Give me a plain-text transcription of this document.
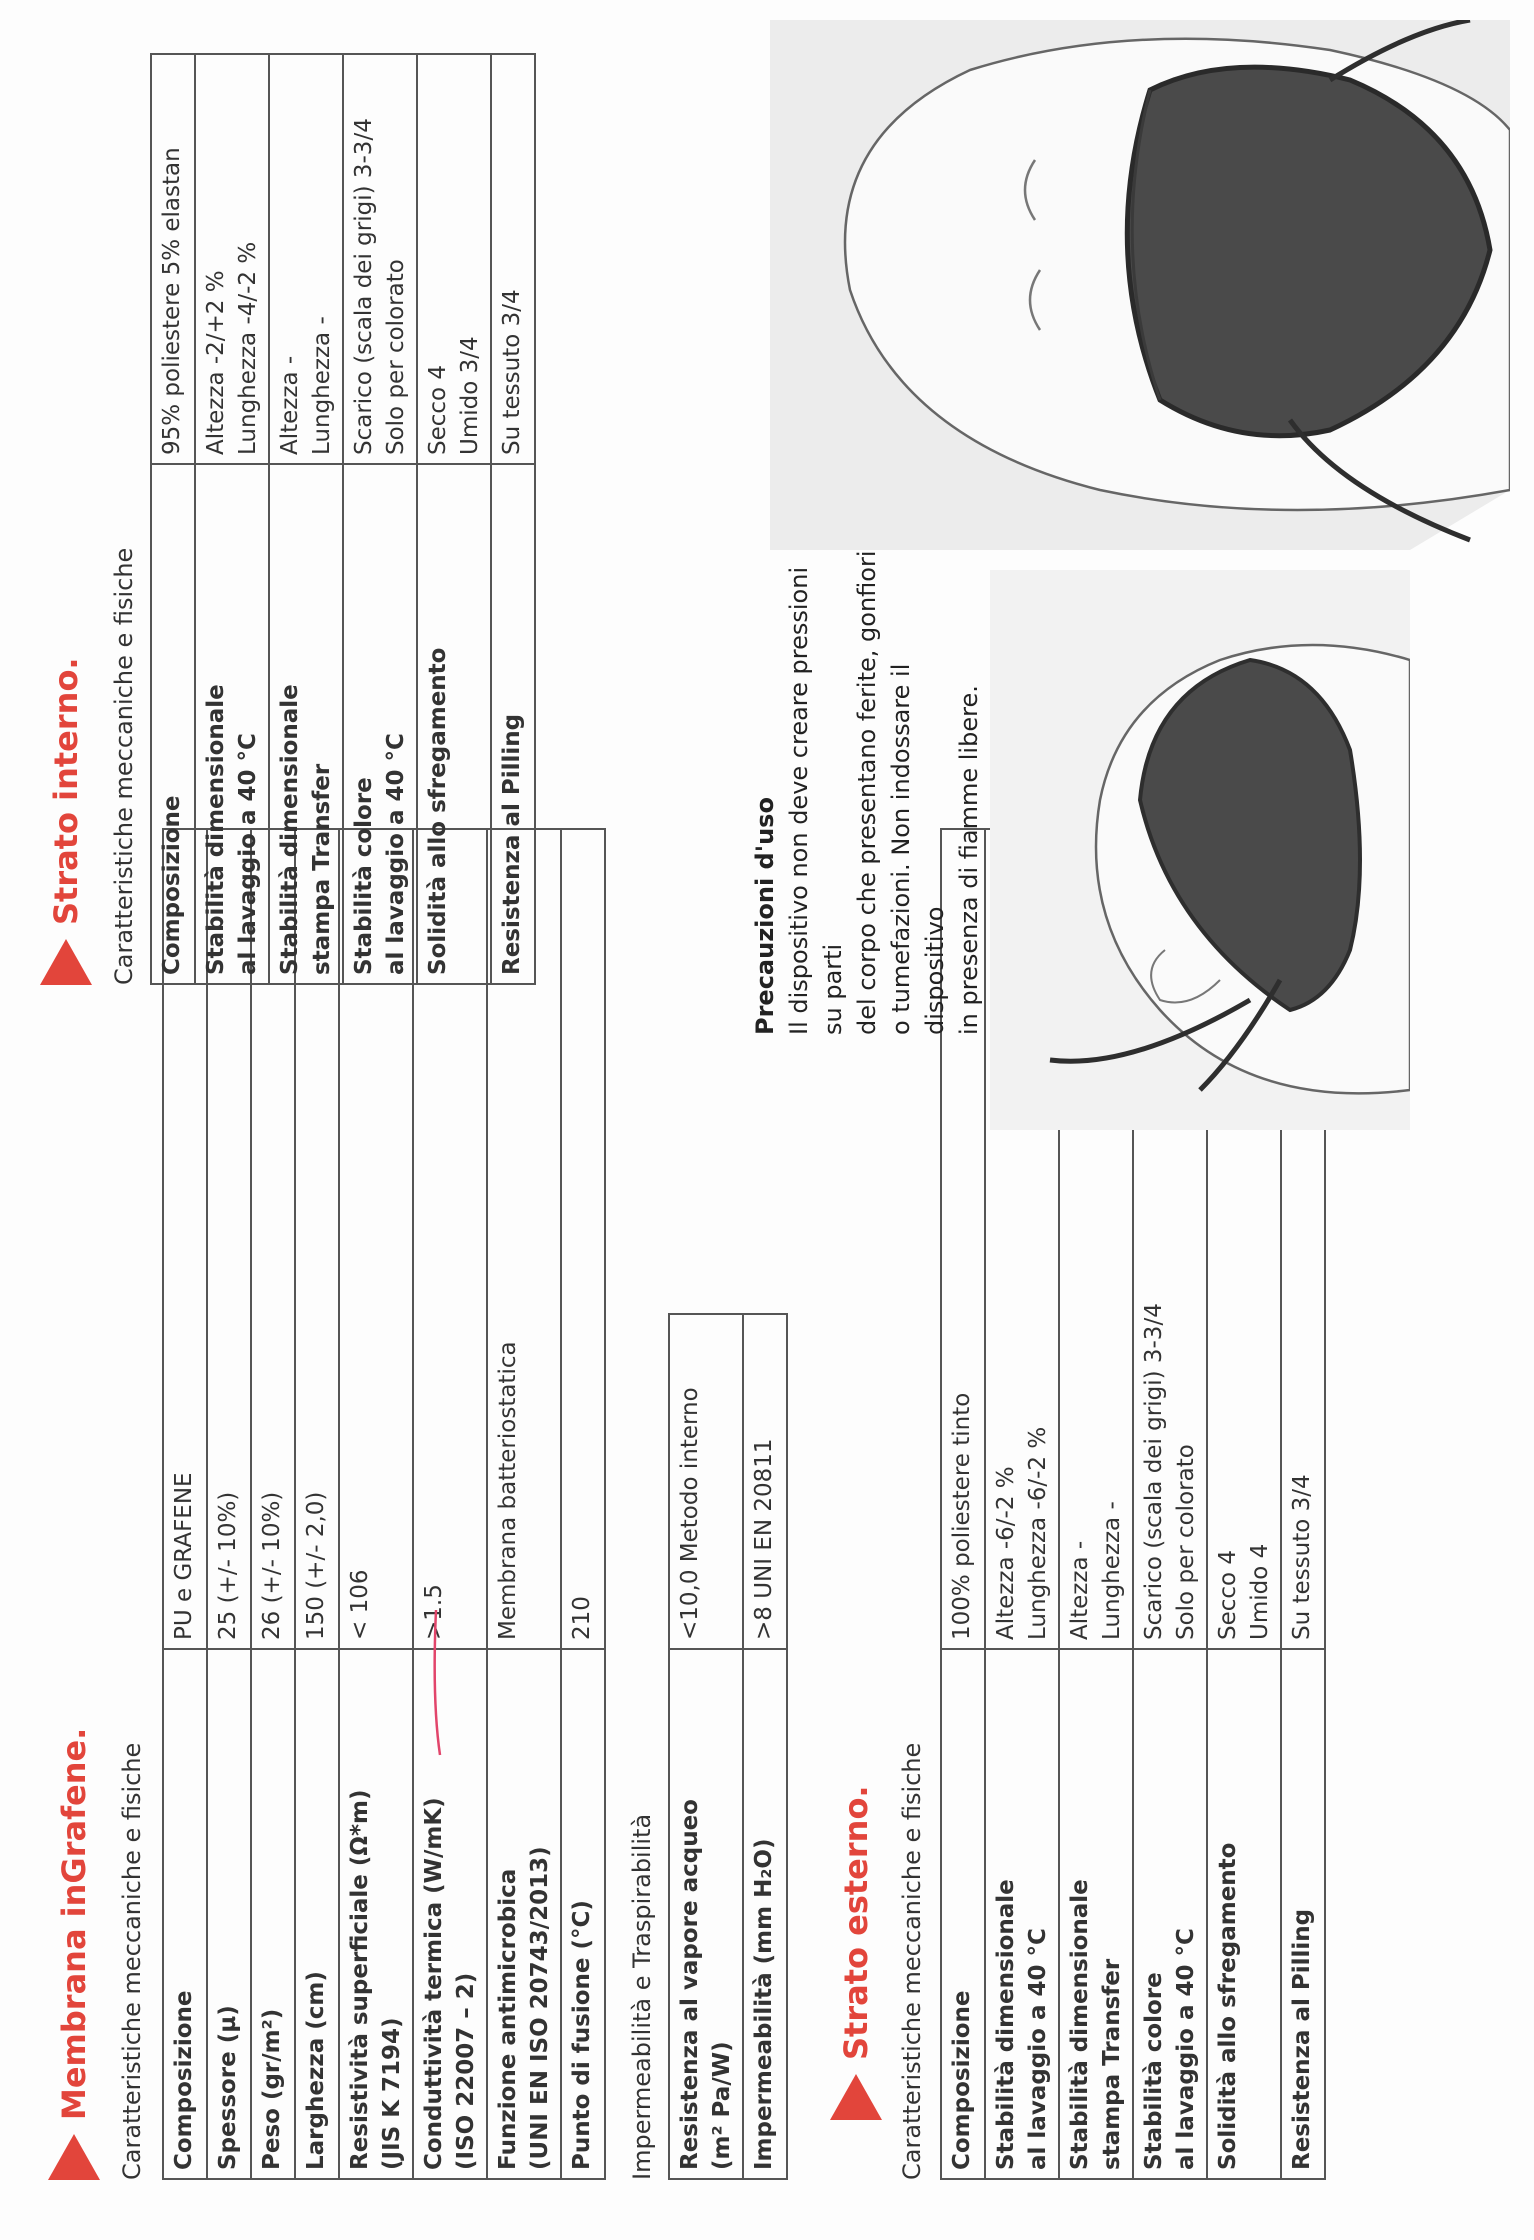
Membrana in
Grafene. Caratteristiche meccaniche e fisiche Composizione	PU e GRAFENE
Spessore (µ)	25 (+/- 10%)
Peso (gr/m²)	26 (+/- 10%)
Larghezza (cm)	150 (+/- 2,0)

Resistività superficiale (Ω*m) (JIS K 7194)	< 106

Conduttività termica (W/mK) (ISO 22007 – 2)	>1.5

Funzione antimicrobica (UNI EN ISO 20743/2013)	Membrana batteriostatica
Punto di fusione (°C)	210
Impermeabilità e Traspirabilità Resistenza al vapore acqueo (m² Pa/W)	<10,0 Metodo interno
Impermeabilità (mm H₂O)	>8 UNI EN 20811
Strato esterno. Caratteristiche meccaniche e fisiche Composizione	100% poliestere tinto

Stabilità dimensionale al lavaggio a 40 °C	Altezza -6/-2 % Lunghezza -6/-2 %

Stabilità dimensionale stampa Transfer	Altezza - Lunghezza -

Stabilità colore al lavaggio a 40 °C	Scarico (scala dei grigi) 3-3/4 Solo per colorato

Solidità allo sfregamento	Secco 4 Umido 4

Resistenza al Pilling	Su tessuto 3/4
Strato interno. Caratteristiche meccaniche e fisiche Composizione	95% poliestere 5% elastan

Stabilità dimensionale al lavaggio a 40 °C	Altezza -2/+2 % Lunghezza -4/-2 %

Stabilità dimensionale stampa Transfer	Altezza - Lunghezza -

Stabilità colore al lavaggio a 40 °C	Scarico (scala dei grigi) 3-3/4 Solo per colorato

Solidità allo sfregamento	Secco 4 Umido 3/4

Resistenza al Pilling	Su tessuto 3/4
Precauzioni d'uso Il dispositivo non deve creare pressioni su parti del corpo che presentano ferite, gonfiori o tumefazioni. Non indossare il dispositivo in presenza di fiamme libere.
